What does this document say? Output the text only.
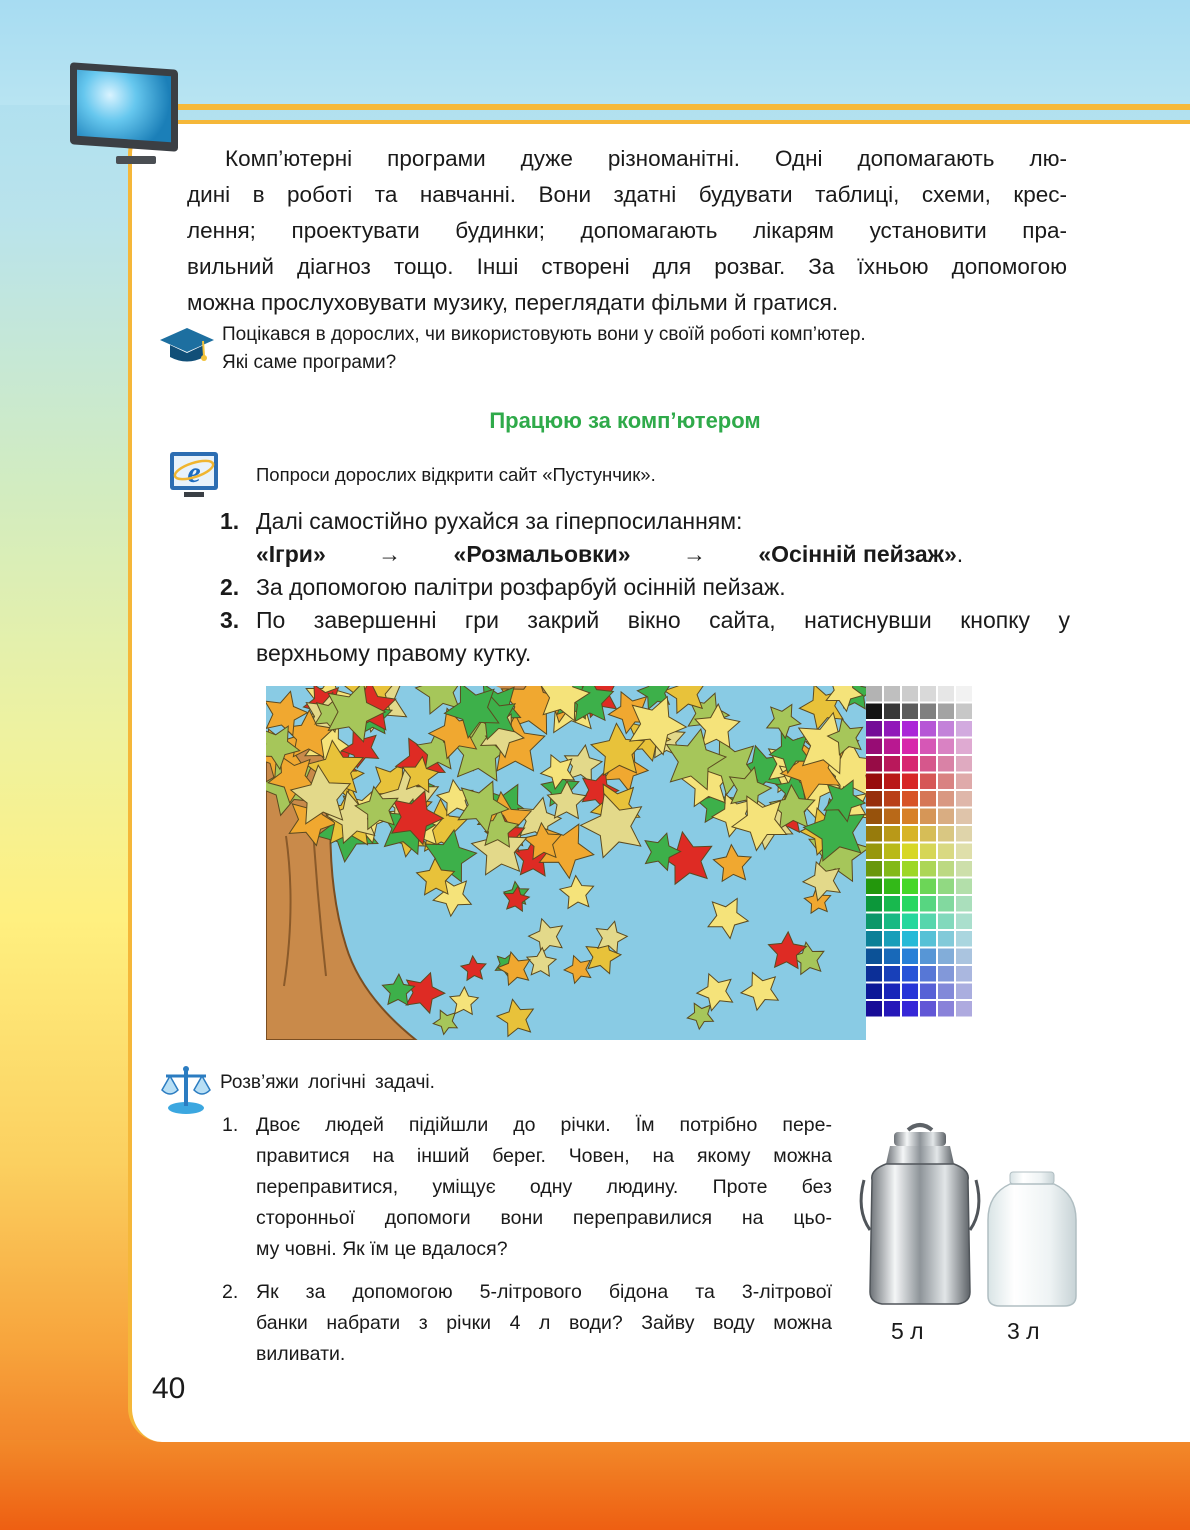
Комп’ютерні програми дуже різноманітні. Одні допомагають лю-
дині в роботі та навчанні. Вони здатні будувати таблиці, схеми, крес-
лення; проектувати будинки; допомагають лікарям установити пра-
вильний діагноз тощо. Інші створені для розваг. За їхньою допомогою
можна прослуховувати музику, переглядати фільми й гратися.
Поцікався в дорослих, чи використовують вони у своїй роботі комп’ютер.
Які саме програми?
Працюю за комп’ютером
e	Попроси дорослих відкрити сайт «Пустунчик».
1. Далі самостійно рухайся за гіперпосиланням:
«Ігри» → «Розмальовки» → «Осінній пейзаж».
2. За допомогою палітри розфарбуй осінній пейзаж.
3. По завершенні гри закрий вікно сайта, натиснувши кнопку у
верхньому правому кутку.
Розв’яжи логічні задачі.
1. Двоє людей підійшли до річки. Їм потрібно пере-
правитися на інший берег. Човен, на якому можна
переправитися, уміщує одну людину. Проте без
сторонньої допомоги вони переправилися на цьо-
му човні. Як їм це вдалося?
2. Як за допомогою 5-літрового бідона та 3-літрової
банки набрати з річки 4 л води? Зайву воду можна
виливати.
5 л	3 л
40
